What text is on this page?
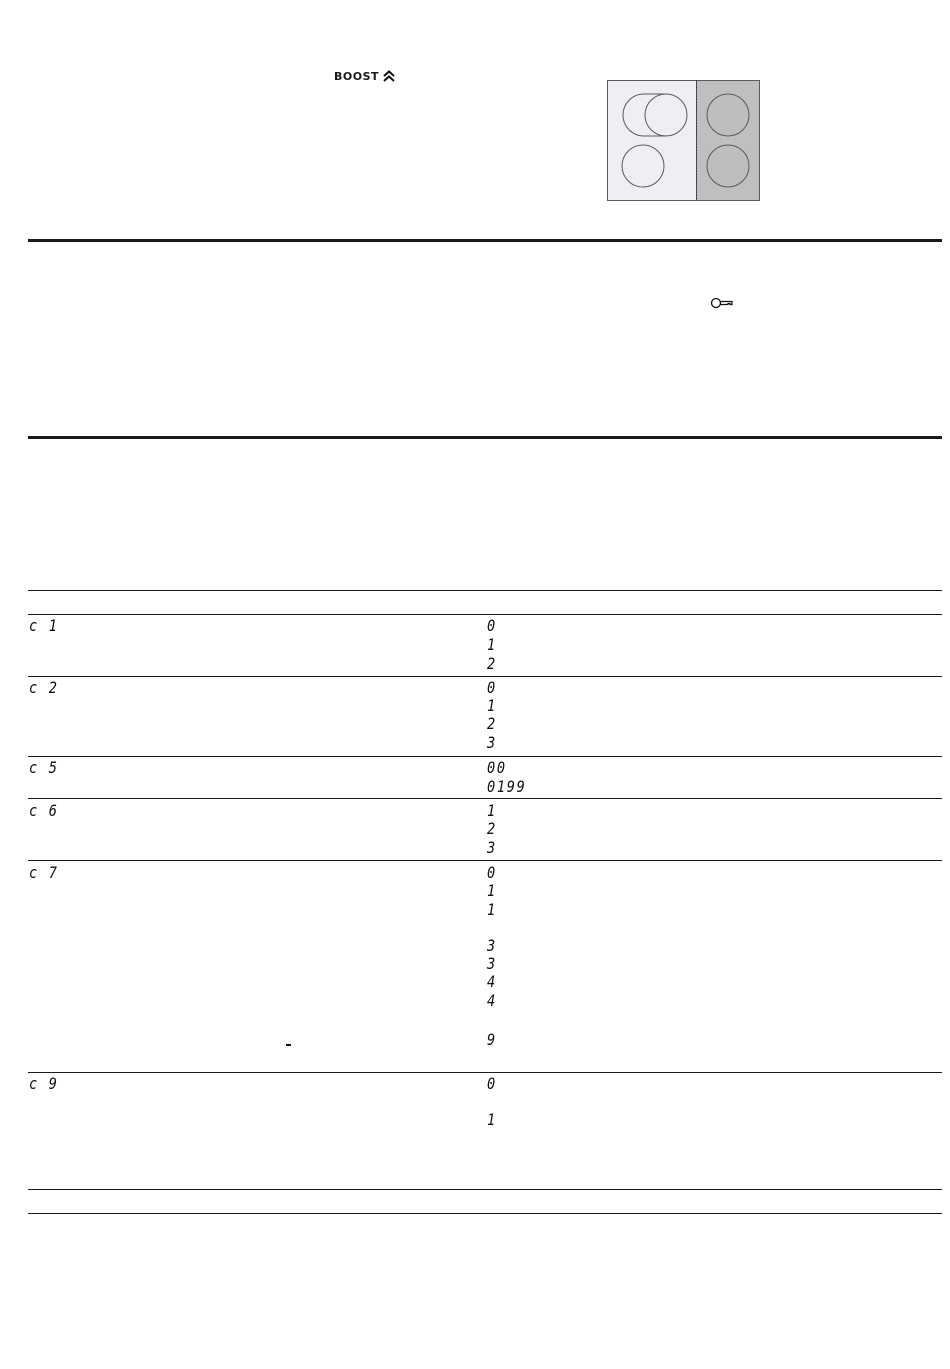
BOOST
c 1	0
1
2
c 2	0
1
2
3
c 5	00
0199
c 6	1
2
3
c 7	0
1
1
3
3
4
4
9
c 9	0
1
